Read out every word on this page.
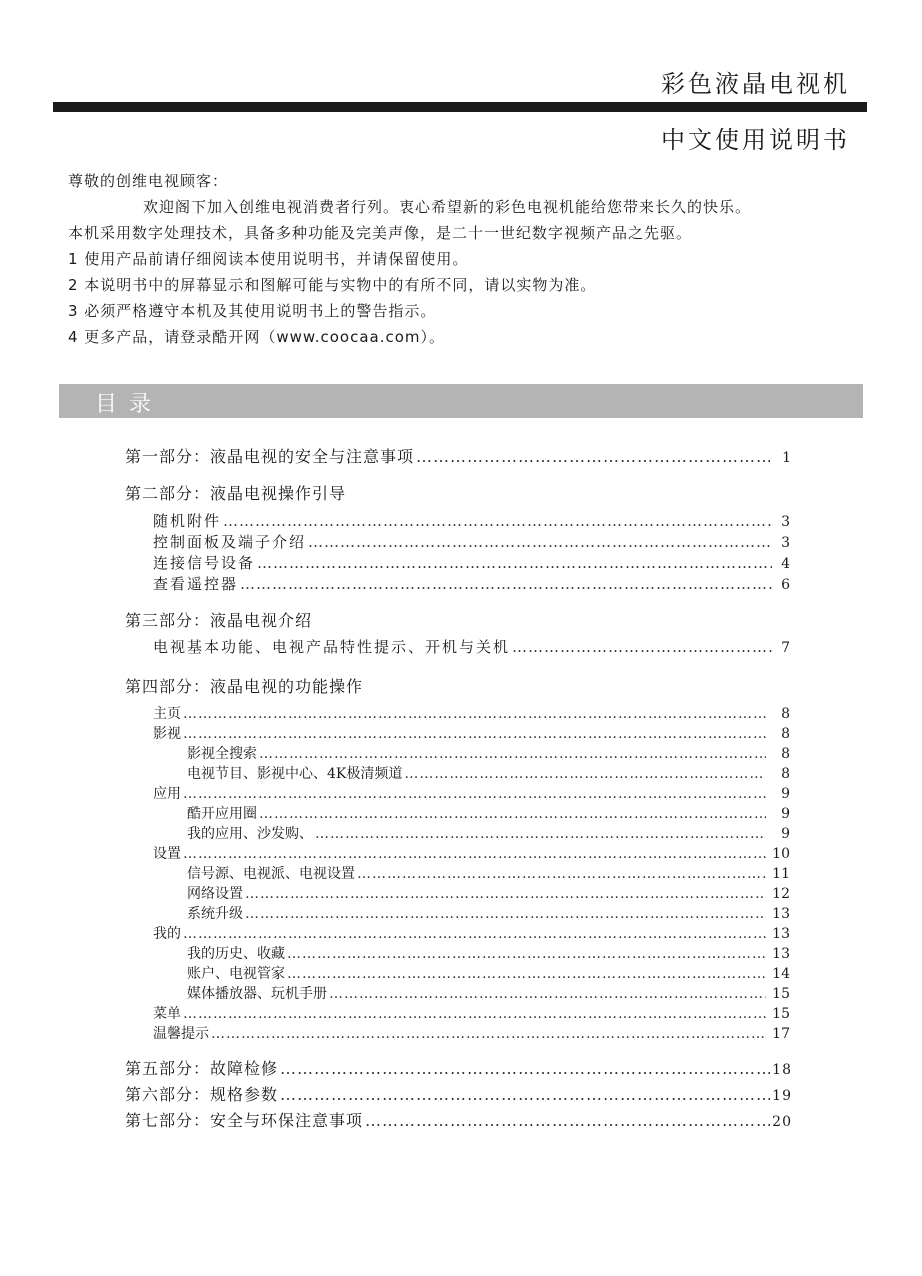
彩色液晶电视机
中文使用说明书

尊敬的创维电视顾客：

欢迎阁下加入创维电视消费者行列。衷心希望新的彩色电视机能给您带来长久的快乐。

本机采用数字处理技术，具备多种功能及完美声像，是二十一世纪数字视频产品之先驱。

1 使用产品前请仔细阅读本使用说明书，并请保留使用。

2 本说明书中的屏幕显示和图解可能与实物中的有所不同，请以实物为准。

3 必须严格遵守本机及其使用说明书上的警告指示。

4 更多产品，请登录酷开网（www.coocaa.com）。

目录
第一部分：液晶电视的安全与注意事项 …………………………………………………………………………………………………………………………………………………………………………………………………	1
第二部分：液晶电视操作引导
随机附件 …………………………………………………………………………………………………………………………………………………………………………………………………	3
控制面板及端子介绍 …………………………………………………………………………………………………………………………………………………………………………………………………	3
连接信号设备 …………………………………………………………………………………………………………………………………………………………………………………………………	4
查看遥控器 …………………………………………………………………………………………………………………………………………………………………………………………………	6
第三部分：液晶电视介绍
电视基本功能、电视产品特性提示、开机与关机 …………………………………………………………………………………………………………………………………………………………………………………………………	7
第四部分：液晶电视的功能操作
主页 …………………………………………………………………………………………………………………………………………………………………………………………………………………………	8
影视 …………………………………………………………………………………………………………………………………………………………………………………………………………………………	8
影视全搜索 …………………………………………………………………………………………………………………………………………………………………………………………………………………………	8
电视节目、影视中心、4K极清频道 …………………………………………………………………………………………………………………………………………………………………………………………………………………………	8
应用 …………………………………………………………………………………………………………………………………………………………………………………………………………………………	9
酷开应用圈 …………………………………………………………………………………………………………………………………………………………………………………………………………………………	9
我的应用、沙发购、 …………………………………………………………………………………………………………………………………………………………………………………………………………………………	9
设置 …………………………………………………………………………………………………………………………………………………………………………………………………………………………	10
信号源、电视派、电视设置 …………………………………………………………………………………………………………………………………………………………………………………………………………………………	11
网络设置 …………………………………………………………………………………………………………………………………………………………………………………………………………………………	12
系统升级 …………………………………………………………………………………………………………………………………………………………………………………………………………………………	13
我的 …………………………………………………………………………………………………………………………………………………………………………………………………………………………	13
我的历史、收藏 …………………………………………………………………………………………………………………………………………………………………………………………………………………………	13
账户、电视管家 …………………………………………………………………………………………………………………………………………………………………………………………………………………………	14
媒体播放器、玩机手册 …………………………………………………………………………………………………………………………………………………………………………………………………………………………	15
菜单 …………………………………………………………………………………………………………………………………………………………………………………………………………………………	15
温馨提示 …………………………………………………………………………………………………………………………………………………………………………………………………………………………	17
第五部分：故障检修 …………………………………………………………………………………………………………………………………………………………………………………………………	18
第六部分：规格参数 …………………………………………………………………………………………………………………………………………………………………………………………………	19
第七部分：安全与环保注意事项 …………………………………………………………………………………………………………………………………………………………………………………………………	20
